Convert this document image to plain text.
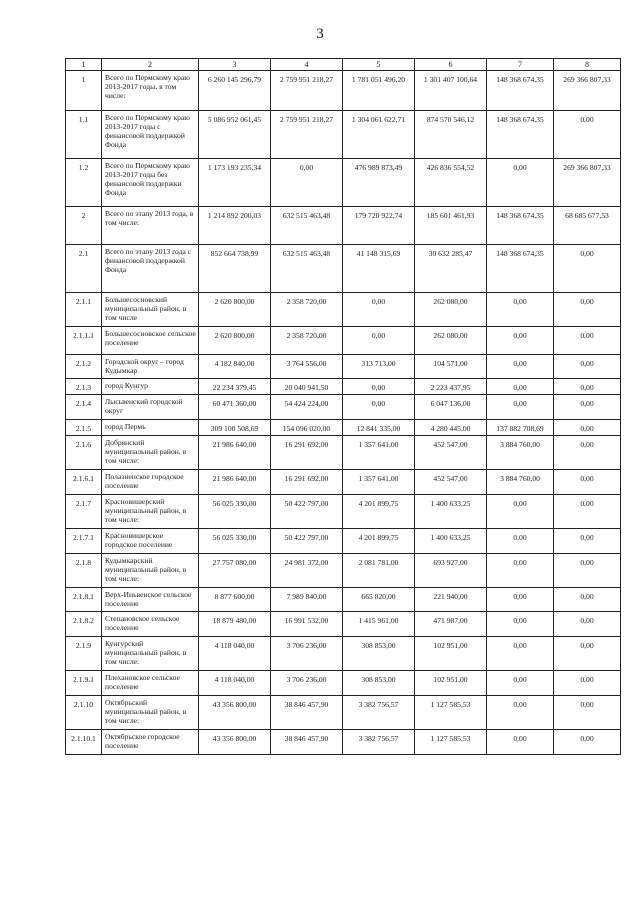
3
1	2	3	4	5	6	7	8
1	Всего по Пермскому краю 2013-2017 годы, в том числе:	6 260 145 296,79	2 759 951 218,27	1 781 051 496,20	1 301 407 100,64	148 368 674,35	269 366 807,33
1.1	Всего по Пермскому краю 2013-2017 годы с финансовой поддержкой Фонда	5 086 952 061,45	2 759 951 218,27	1 304 061 622,71	874 570 546,12	148 368 674,35	0,00
1.2	Всего по Пермскому краю 2013-2017 годы без финансовой поддержки Фонда	1 173 193 235,34	0,00	476 989 873,49	426 836 554,52	0,00	269 366 807,33
2	Всего по этапу 2013 года, в том числе:	1 214 892 200,03	632 515 463,48	179 720 922,74	185 601 461,93	148 368 674,35	68 685 677,53
2.1	Всего по этапу 2013 года с финансовой поддержкой Фонда	852 664 738,99	632 515 463,48	41 148 315,69	30 632 285,47	148 368 674,35	0,00
2.1.1	Большесосновский муниципальный район, в том числе	2 620 800,00	2 358 720,00	0,00	262 080,00	0,00	0,00
2.1.1.1	Большесосновское сельское поселение	2 620 800,00	2 358 720,00	0,00	262 080,00	0,00	0,00
2.1.2	Городской округ – город Кудымкар	4 182 840,00	3 764 556,00	313 713,00	104 571,00	0,00	0,00
2.1.3	город Кунгур	22 234 379,45	20 040 941,50	0,00	2 223 437,95	0,00	0,00
2.1.4	Лысьвенский городской округ	60 471 360,00	54 424 224,00	0,00	6 047 136,00	0,00	0,00
2.1.5	город Пермь	309 100 508,69	154 096 020,00	12 841 335,00	4 280 445,00	137 882 708,69	0,00
2.1.6	Добрянский муниципальный район, в том числе:	21 986 640,00	16 291 692,00	1 357 641,00	452 547,00	3 884 760,00	0,00
2.1.6.1	Полазненское городское поселение	21 986 640,00	16 291 692,00	1 357 641,00	452 547,00	3 884 760,00	0,00
2.1.7	Красновишерский муниципальный район, в том числе:	56 025 330,00	50 422 797,00	4 201 899,75	1 400 633,25	0,00	0,00
2.1.7.1	Красновишерское городское поселение	56 025 330,00	50 422 797,00	4 201 899,75	1 400 633,25	0,00	0,00
2.1.8	Кудымкарский муниципальный район, в том числе:	27 757 080,00	24 981 372,00	2 081 781,00	693 927,00	0,00	0,00
2.1.8.1	Верх-Иньвенское сельское поселение	8 877 600,00	7 989 840,00	665 820,00	221 940,00	0,00	0,00
2.1.8.2	Степановское сельское поселение	18 879 480,00	16 991 532,00	1 415 961,00	471 987,00	0,00	0,00
2.1.9	Кунгурский муниципальный район, в том числе:	4 118 040,00	3 706 236,00	308 853,00	102 951,00	0,00	0,00
2.1.9.1	Плехановское сельское поселение	4 118 040,00	3 706 236,00	308 853,00	102 951,00	0,00	0,00
2.1.10	Октябрьский муниципальный район, в том числе:	43 356 800,00	38 846 457,90	3 382 756,57	1 127 585,53	0,00	0,00
2.1.10.1	Октябрьское городское поселение	43 356 800,00	38 846 457,90	3 382 756,57	1 127 585,53	0,00	0,00
